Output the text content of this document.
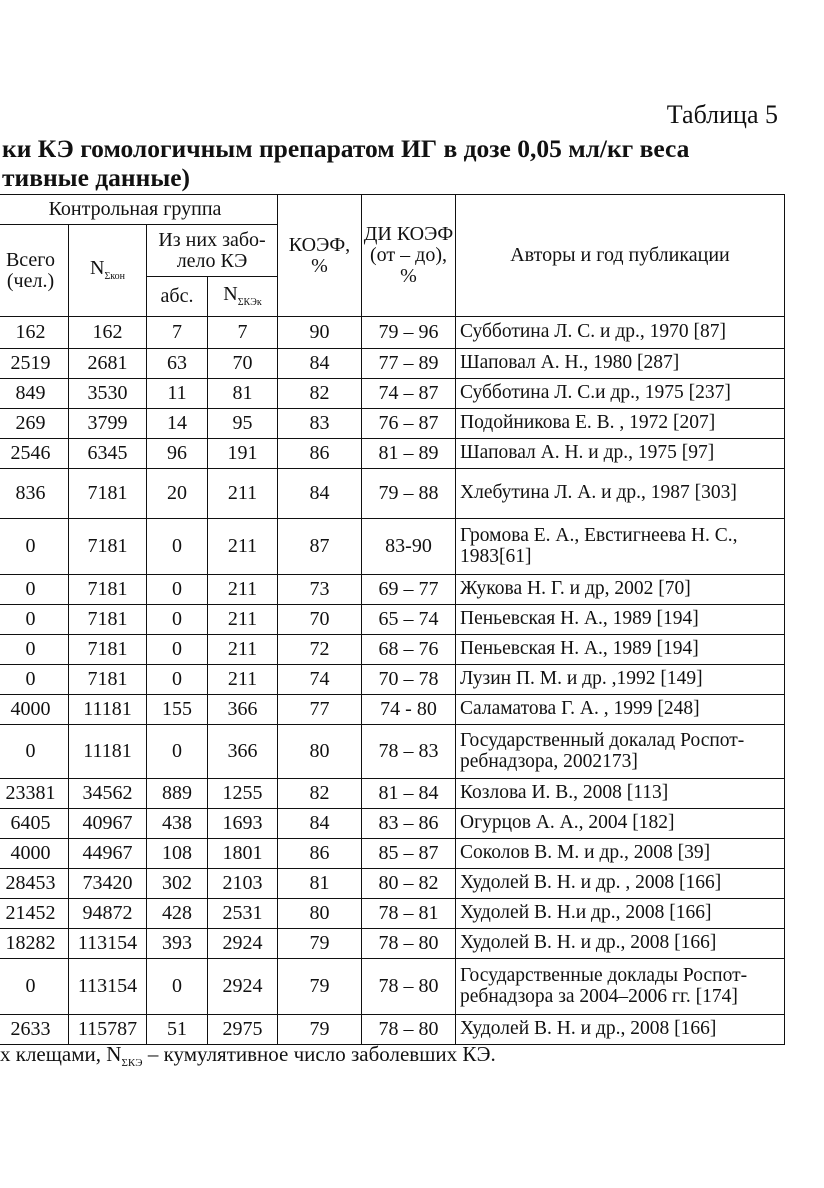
Таблица 5
ки КЭ гомологичным препаратом ИГ в дозе 0,05 мл/кг веса
тивные данные)
Контрольная группа				КОЭФ, %	ДИ КОЭФ (от – до), %	Авторы и год публикации
Всего (чел.)	$N_{\Sigma кон}$	Из них забо-лело КЭ				
		абс.	$N_{\Sigma КЭк}$
162	162	7	7	90	79 – 96	Субботина Л. С. и др., 1970 [87]
2519	2681	63	70	84	77 – 89	Шаповал А. Н., 1980 [287]
849	3530	11	81	82	74 – 87	Субботина Л. С.и др., 1975 [237]
269	3799	14	95	83	76 – 87	Подойникова Е. В. , 1972 [207]
2546	6345	96	191	86	81 – 89	Шаповал А. Н. и др., 1975 [97]
836	7181	20	211	84	79 – 88	Хлебутина Л. А. и др., 1987 [303]
0	7181	0	211	87	83-90	Громова Е. А., Евстигнеева Н. С., 1983[61]
0	7181	0	211	73	69 – 77	Жукова Н. Г. и др, 2002 [70]
0	7181	0	211	70	65 – 74	Пеньевская Н. А., 1989 [194]
0	7181	0	211	72	68 – 76	Пеньевская Н. А., 1989 [194]
0	7181	0	211	74	70 – 78	Лузин П. М. и др. ,1992 [149]
4000	11181	155	366	77	74 - 80	Саламатова Г. А. , 1999 [248]
0	11181	0	366	80	78 – 83	Государственный докалад Роспот-ребнадзора, 2002173]
23381	34562	889	1255	82	81 – 84	Козлова И. В., 2008 [113]
6405	40967	438	1693	84	83 – 86	Огурцов А. А., 2004 [182]
4000	44967	108	1801	86	85 – 87	Соколов В. М. и др., 2008 [39]
28453	73420	302	2103	81	80 – 82	Худолей В. Н. и др. , 2008 [166]
21452	94872	428	2531	80	78 – 81	Худолей В. Н.и др., 2008 [166]
18282	113154	393	2924	79	78 – 80	Худолей В. Н. и др., 2008 [166]
0	113154	0	2924	79	78 – 80	Государственные доклады Роспот-ребнадзора за 2004–2006 гг. [174]
2633	115787	51	2975	79	78 – 80	Худолей В. Н. и др., 2008 [166]
х клещами, $N_{\Sigma КЭ}$ – кумулятивное число заболевших КЭ.
